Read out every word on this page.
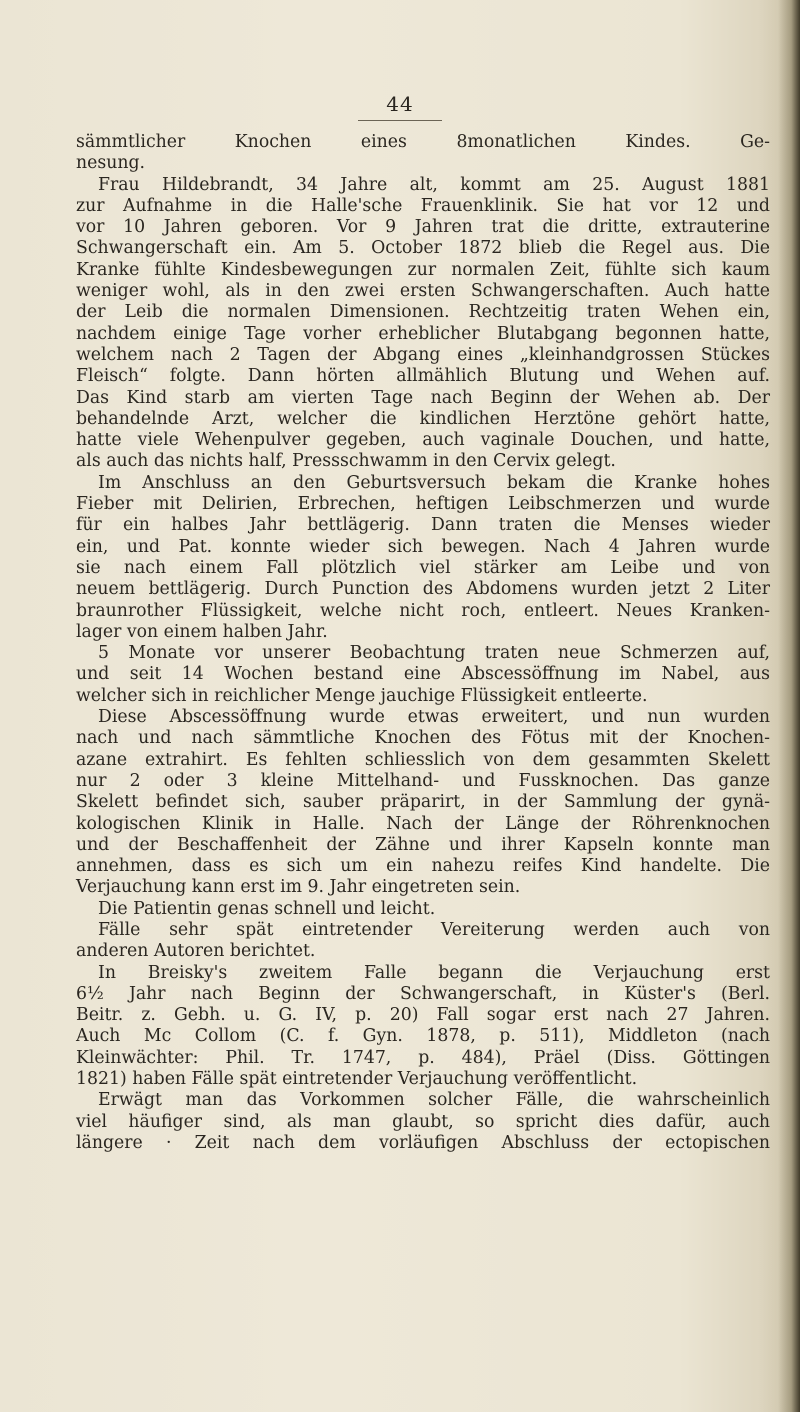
44
sämmtlicher Knochen eines 8monatlichen Kindes. Ge-
nesung.
Frau Hildebrandt, 34 Jahre alt, kommt am 25. August 1881
zur Aufnahme in die Halle'sche Frauenklinik. Sie hat vor 12 und
vor 10 Jahren geboren. Vor 9 Jahren trat die dritte, extrauterine
Schwangerschaft ein. Am 5. October 1872 blieb die Regel aus. Die
Kranke fühlte Kindesbewegungen zur normalen Zeit, fühlte sich kaum
weniger wohl, als in den zwei ersten Schwangerschaften. Auch hatte
der Leib die normalen Dimensionen. Rechtzeitig traten Wehen ein,
nachdem einige Tage vorher erheblicher Blutabgang begonnen hatte,
welchem nach 2 Tagen der Abgang eines „kleinhandgrossen Stückes
Fleisch“ folgte. Dann hörten allmählich Blutung und Wehen auf.
Das Kind starb am vierten Tage nach Beginn der Wehen ab. Der
behandelnde Arzt, welcher die kindlichen Herztöne gehört hatte,
hatte viele Wehenpulver gegeben, auch vaginale Douchen, und hatte,
als auch das nichts half, Pressschwamm in den Cervix gelegt.
Im Anschluss an den Geburtsversuch bekam die Kranke hohes
Fieber mit Delirien, Erbrechen, heftigen Leibschmerzen und wurde
für ein halbes Jahr bettlägerig. Dann traten die Menses wieder
ein, und Pat. konnte wieder sich bewegen. Nach 4 Jahren wurde
sie nach einem Fall plötzlich viel stärker am Leibe und von
neuem bettlägerig. Durch Punction des Abdomens wurden jetzt 2 Liter
braunrother Flüssigkeit, welche nicht roch, entleert. Neues Kranken-
lager von einem halben Jahr.
5 Monate vor unserer Beobachtung traten neue Schmerzen auf,
und seit 14 Wochen bestand eine Abscessöffnung im Nabel, aus
welcher sich in reichlicher Menge jauchige Flüssigkeit entleerte.
Diese Abscessöffnung wurde etwas erweitert, und nun wurden
nach und nach sämmtliche Knochen des Fötus mit der Knochen-
azane extrahirt. Es fehlten schliesslich von dem gesammten Skelett
nur 2 oder 3 kleine Mittelhand- und Fussknochen. Das ganze
Skelett befindet sich, sauber präparirt, in der Sammlung der gynä-
kologischen Klinik in Halle. Nach der Länge der Röhrenknochen
und der Beschaffenheit der Zähne und ihrer Kapseln konnte man
annehmen, dass es sich um ein nahezu reifes Kind handelte. Die
Verjauchung kann erst im 9. Jahr eingetreten sein.
Die Patientin genas schnell und leicht.
Fälle sehr spät eintretender Vereiterung werden auch von
anderen Autoren berichtet.
In Breisky's zweitem Falle begann die Verjauchung erst
6½ Jahr nach Beginn der Schwangerschaft, in Küster's (Berl.
Beitr. z. Gebh. u. G. IV, p. 20) Fall sogar erst nach 27 Jahren.
Auch Mc Collom (C. f. Gyn. 1878, p. 511), Middleton (nach
Kleinwächter: Phil. Tr. 1747, p. 484), Präel (Diss. Göttingen
1821) haben Fälle spät eintretender Verjauchung veröffentlicht.
Erwägt man das Vorkommen solcher Fälle, die wahrscheinlich
viel häufiger sind, als man glaubt, so spricht dies dafür, auch
längere · Zeit nach dem vorläufigen Abschluss der ectopischen
